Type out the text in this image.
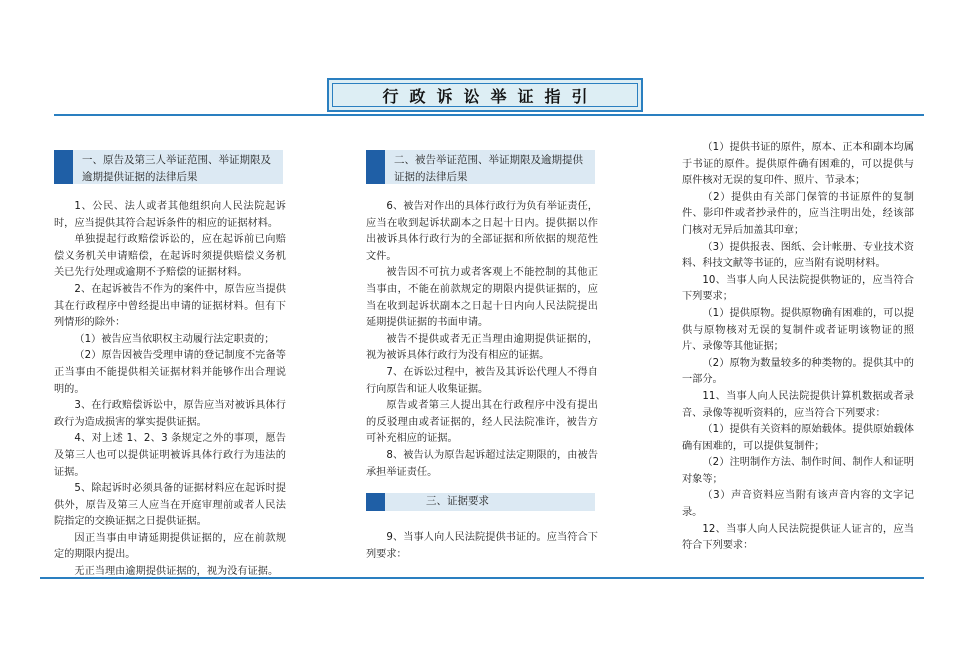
行政诉讼举证指引
一、原告及第三人举证范围、举证期限及逾期提供证据的法律后果

1、公民、法人或者其他组织向人民法院起诉时，应当提供其符合起诉条件的相应的证据材料。

单独提起行政赔偿诉讼的，应在起诉前已向赔偿义务机关申请赔偿，在起诉时须提供赔偿义务机关已先行处理或逾期不予赔偿的证据材料。

2、在起诉被告不作为的案件中，原告应当提供其在行政程序中曾经提出申请的证据材料。但有下列情形的除外：

（1）被告应当依职权主动履行法定职责的；

（2）原告因被告受理申请的登记制度不完备等正当事由不能提供相关证据材料并能够作出合理说明的。

3、在行政赔偿诉讼中，原告应当对被诉具体行政行为造成损害的掌实提供证据。

4、对上述 1、2、3 条规定之外的事项，愿告及第三人也可以提供证明被诉具体行政行为违法的证据。

5、除起诉时必须具备的证据材料应在起诉时提供外，原告及第三人应当在开庭审理前或者人民法院指定的交换证据之日提供证据。

因正当事由申请延期提供证据的，应在前款规定的期限内提出。

无正当理由逾期提供证据的，视为没有证据。

二、被告举证范围、举证期限及逾期提供证据的法律后果

6、被告对作出的具体行政行为负有举证责任，应当在收到起诉状副本之日起十日内。提供据以作出被诉具体行政行为的全部证据和所依据的规范性文件。

被告因不可抗力或者客观上不能控制的其他正当事由，不能在前款规定的期限内提供证据的，应当在收到起诉状副本之日起十日内向人民法院提出延期提供证据的书面申请。

被告不提供或者无正当理由逾期提供证据的，视为被诉具体行政行为没有相应的证据。

7、在诉讼过程中，被告及其诉讼代理人不得自行向原告和证人收集证据。

原告或者第三人提出其在行政程序中没有提出的反驳理由或者证据的，经人民法院准许，被告方可补充相应的证据。

8、被告认为原告起诉超过法定期限的，由被告承担举证责任。

三、证据要求

9、当事人向人民法院提供书证的。应当符合下列要求：

（1）提供书证的原件，原本、正本和副本均属于书证的原件。提供原件确有困难的，可以提供与原件核对无误的复印件、照片、节录本；

（2）提供由有关部门保管的书证原件的复制件、影印件或者抄录件的，应当注明出处，经该部门核对无异后加盖其印章；

（3）提供报表、图纸、会计帐册、专业技术资料、科技文献等书证的，应当附有说明材料。

10、当事人向人民法院提供物证的，应当符合下列要求；

（1）提供原物。提供原物确有困难的，可以提供与原物核对无误的复制件或者证明该物证的照片、录像等其他证据；

（2）原物为数量较多的种类物的。提供其中的一部分。

11、当事人向人民法院提供计算机数据或者录音、录像等视听资料的，应当符合下列要求：

（1）提供有关资料的原始载体。提供原始载体确有困难的，可以提供复制件；

（2）注明制作方法、制作时间、制作人和证明对象等；

（3）声音资料应当附有该声音内容的文字记录。

12、当事人向人民法院提供证人证言的，应当符合下列要求：
